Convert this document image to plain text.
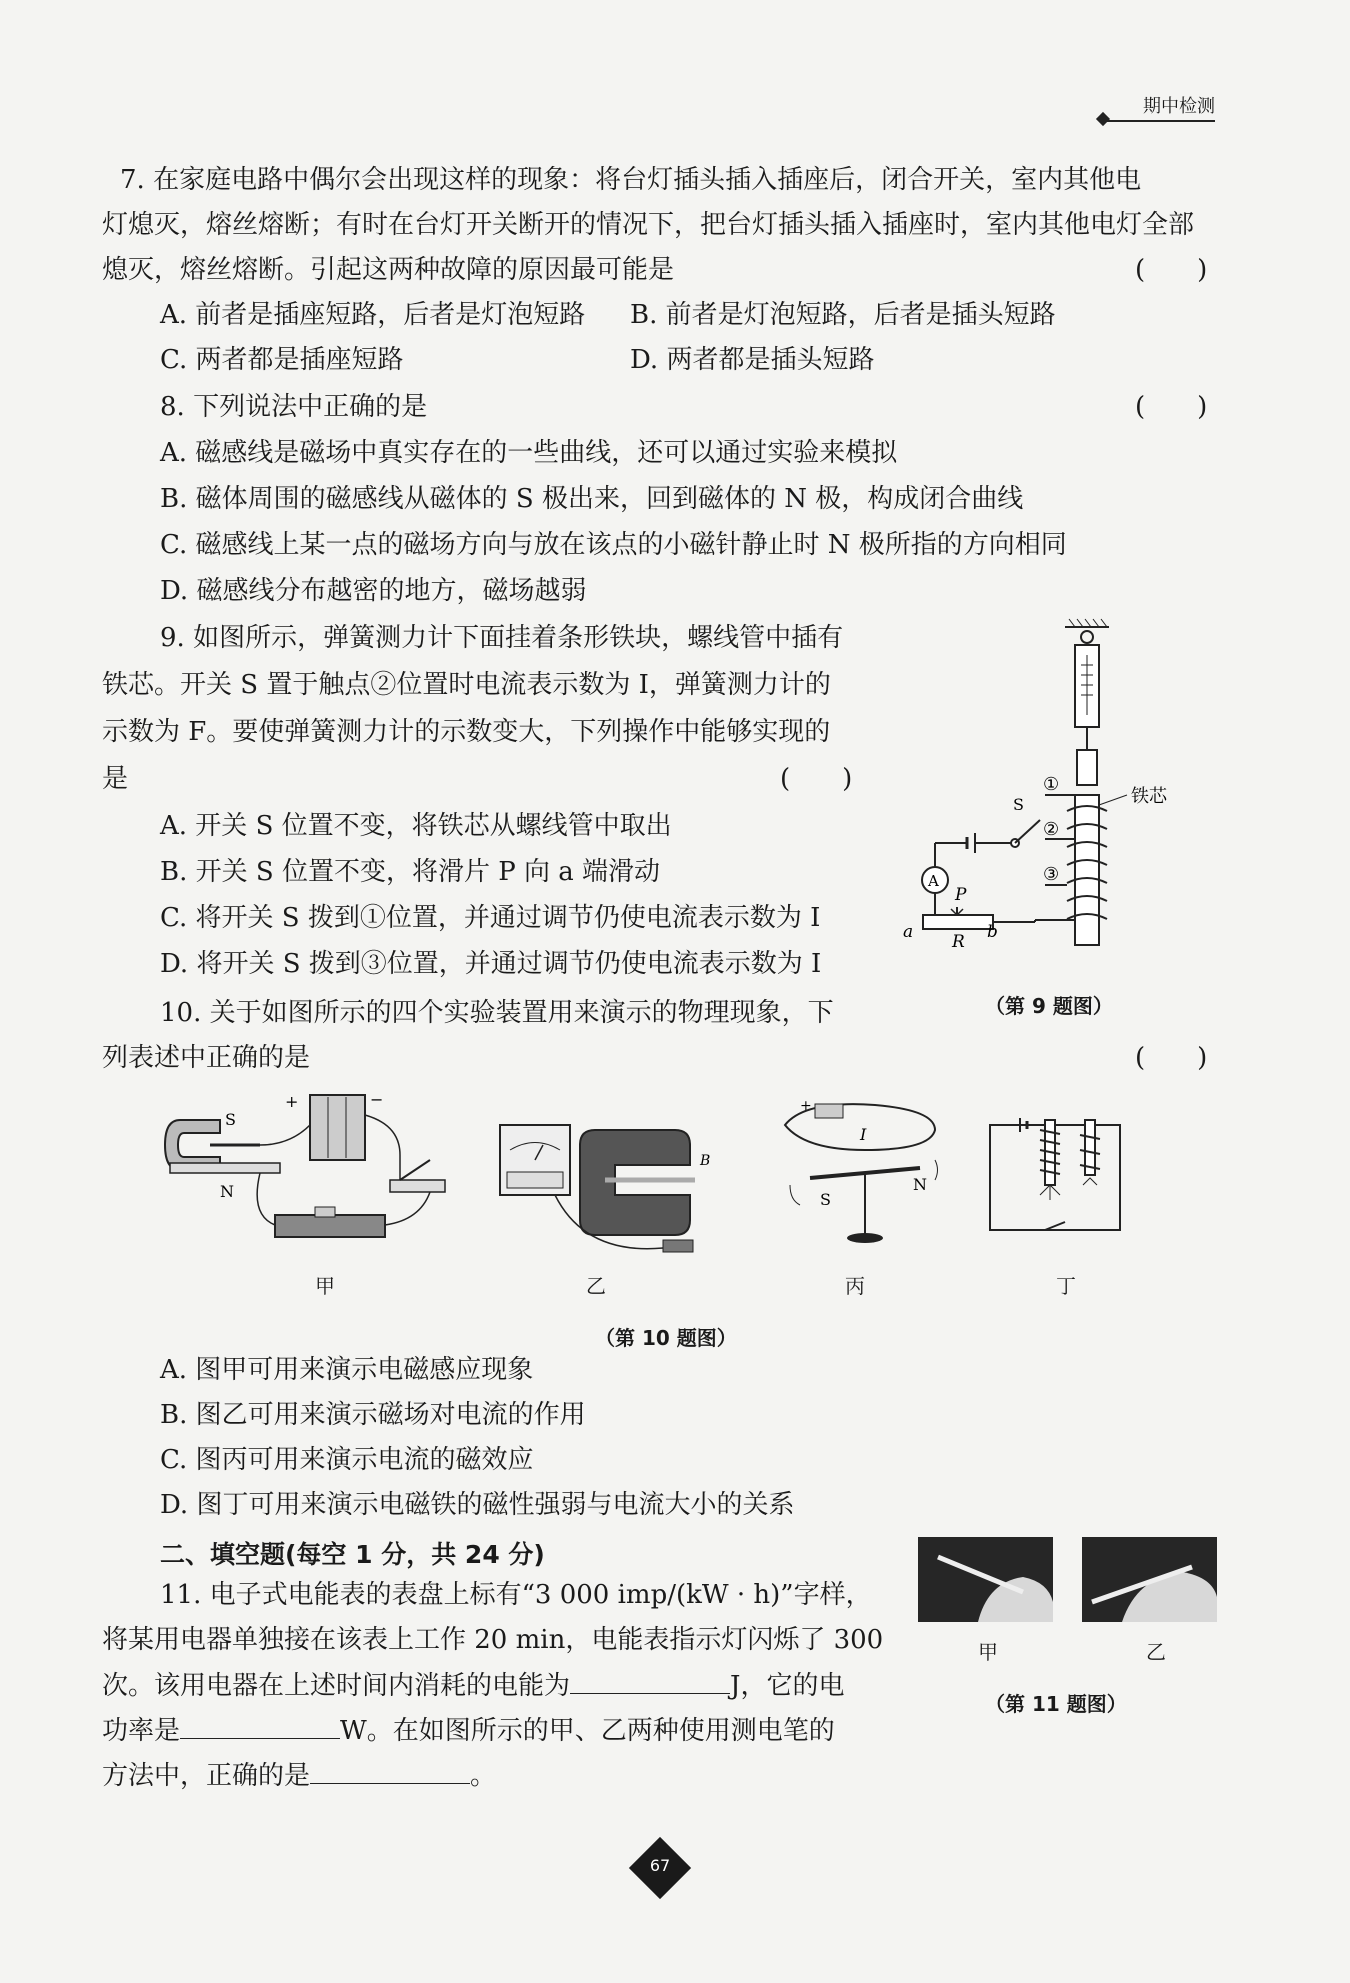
期中检测
7. 在家庭电路中偶尔会出现这样的现象：将台灯插头插入插座后，闭合开关，室内其他电
灯熄灭，熔丝熔断；有时在台灯开关断开的情况下，把台灯插头插入插座时，室内其他电灯全部
熄灭，熔丝熔断。引起这两种故障的原因最可能是	(　　)
A. 前者是插座短路，后者是灯泡短路 B. 前者是灯泡短路，后者是插头短路
C. 两者都是插座短路	D. 两者都是插头短路
8. 下列说法中正确的是	(　　)
A. 磁感线是磁场中真实存在的一些曲线，还可以通过实验来模拟
B. 磁体周围的磁感线从磁体的 S 极出来，回到磁体的 N 极，构成闭合曲线
C. 磁感线上某一点的磁场方向与放在该点的小磁针静止时 N 极所指的方向相同
D. 磁感线分布越密的地方，磁场越弱
9. 如图所示，弹簧测力计下面挂着条形铁块，螺线管中插有
铁芯。开关 S 置于触点②位置时电流表示数为 I，弹簧测力计的
示数为 F。要使弹簧测力计的示数变大，下列操作中能够实现的
是	(　　)
A. 开关 S 位置不变，将铁芯从螺线管中取出
B. 开关 S 位置不变，将滑片 P 向 a 端滑动
C. 将开关 S 拨到①位置，并通过调节仍使电流表示数为 I
D. 将开关 S 拨到③位置，并通过调节仍使电流表示数为 I
铁芯
①
②
③
S
A
P
a R b
（第 9 题图）
10. 关于如图所示的四个实验装置用来演示的物理现象，下
列表述中正确的是	(　　)
S
N
+	−
B
+
I
S
N
甲	乙	丙	丁
（第 10 题图）
A. 图甲可用来演示电磁感应现象
B. 图乙可用来演示磁场对电流的作用
C. 图丙可用来演示电流的磁效应
D. 图丁可用来演示电磁铁的磁性强弱与电流大小的关系
二、填空题(每空 1 分，共 24 分)
11. 电子式电能表的表盘上标有“3 000 imp/(kW · h)”字样，
将某用电器单独接在该表上工作 20 min，电能表指示灯闪烁了 300
次。该用电器在上述时间内消耗的电能为	J，它的电
功率是	W。在如图所示的甲、乙两种使用测电笔的
方法中，正确的是	。
甲	乙
（第 11 题图）
67
